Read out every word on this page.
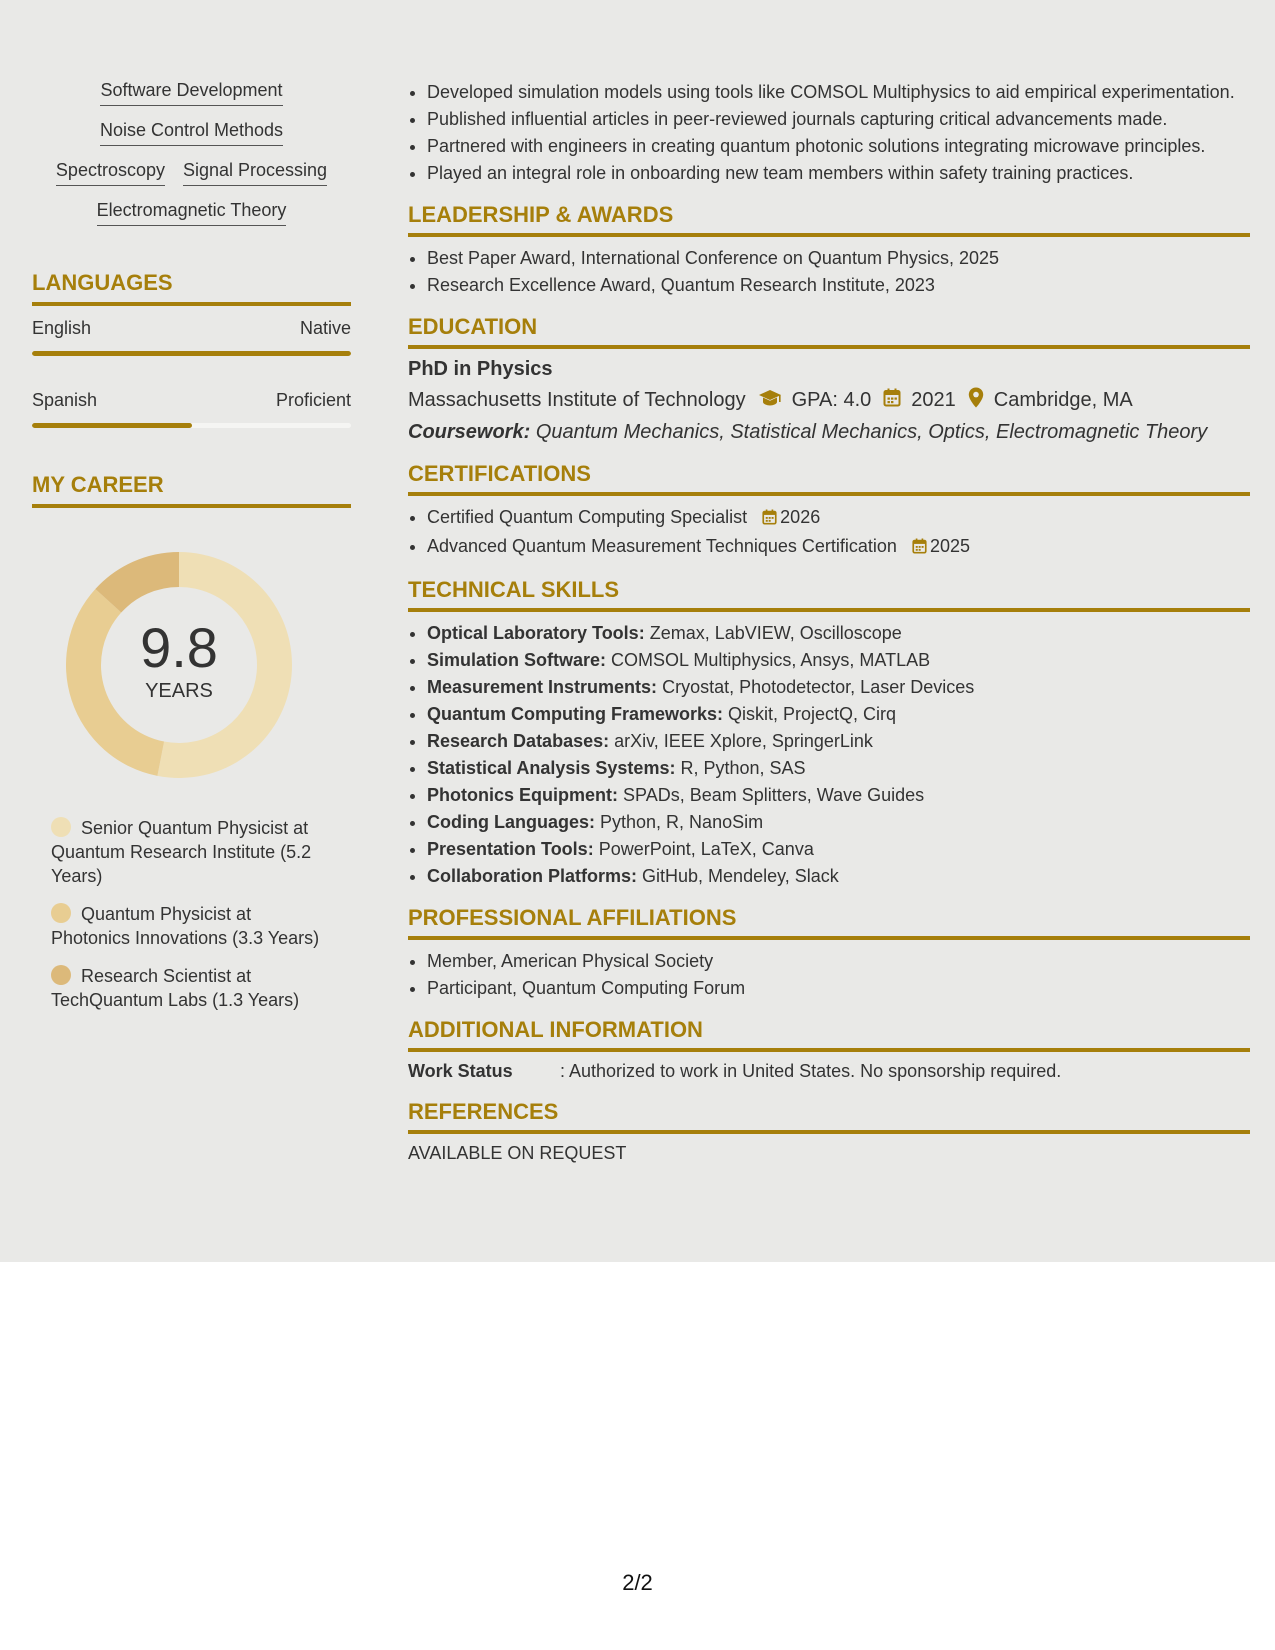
Software Development
Noise Control Methods
Spectroscopy Signal Processing
Electromagnetic Theory
LANGUAGES
English	Native
Spanish	Proficient
MY CAREER
9.8
YEARS
Senior Quantum Physicist at Quantum Research Institute (5.2 Years)
Quantum Physicist at Photonics Innovations (3.3 Years)
Research Scientist at TechQuantum Labs (1.3 Years)
• Developed simulation models using tools like COMSOL Multiphysics to aid empirical experimentation.
• Published influential articles in peer-reviewed journals capturing critical advancements made.
• Partnered with engineers in creating quantum photonic solutions integrating microwave principles.
• Played an integral role in onboarding new team members within safety training practices.
LEADERSHIP & AWARDS
• Best Paper Award, International Conference on Quantum Physics, 2025
• Research Excellence Award, Quantum Research Institute, 2023
EDUCATION
PhD in Physics
Massachusetts Institute of Technology GPA: 4.0 2021 Cambridge, MA
Coursework: Quantum Mechanics, Statistical Mechanics, Optics, Electromagnetic Theory
CERTIFICATIONS
• Certified Quantum Computing Specialist 2026
• Advanced Quantum Measurement Techniques Certification 2025
TECHNICAL SKILLS
• Optical Laboratory Tools: Zemax, LabVIEW, Oscilloscope
• Simulation Software: COMSOL Multiphysics, Ansys, MATLAB
• Measurement Instruments: Cryostat, Photodetector, Laser Devices
• Quantum Computing Frameworks: Qiskit, ProjectQ, Cirq
• Research Databases: arXiv, IEEE Xplore, SpringerLink
• Statistical Analysis Systems: R, Python, SAS
• Photonics Equipment: SPADs, Beam Splitters, Wave Guides
• Coding Languages: Python, R, NanoSim
• Presentation Tools: PowerPoint, LaTeX, Canva
• Collaboration Platforms: GitHub, Mendeley, Slack
PROFESSIONAL AFFILIATIONS
• Member, American Physical Society
• Participant, Quantum Computing Forum
ADDITIONAL INFORMATION
Work Status	: Authorized to work in United States. No sponsorship required.
REFERENCES
AVAILABLE ON REQUEST
2/2
